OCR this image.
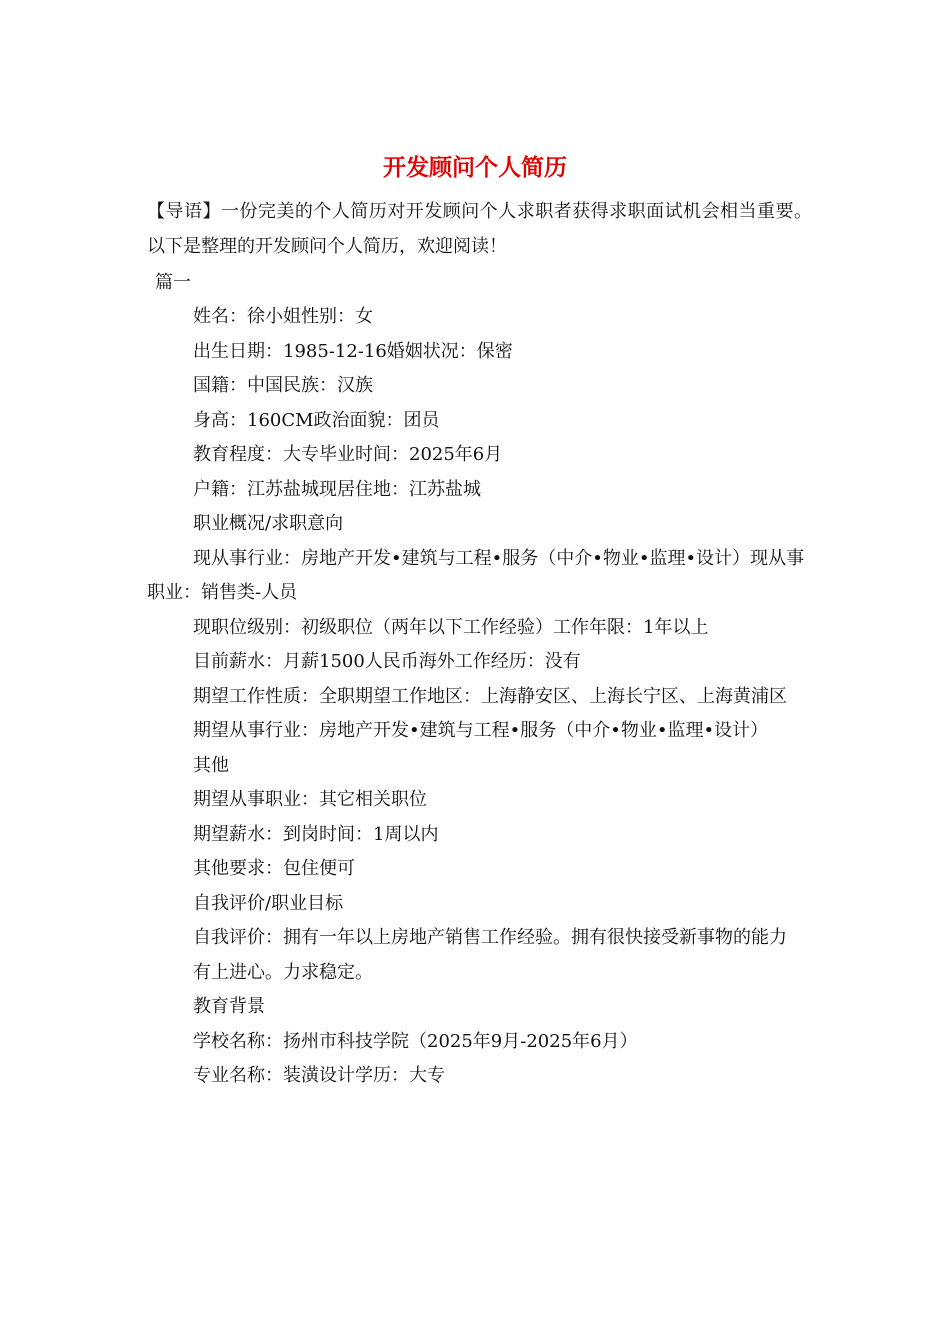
开发顾问个人简历

【导语】一份完美的个人简历对开发顾问个人求职者获得求职面试机会相当重要。以下是整理的开发顾问个人简历，欢迎阅读！

篇一

姓名：徐小姐性别：女

出生日期：1985-12-16婚姻状况：保密

国籍：中国民族：汉族

身高：160CM政治面貌：团员

教育程度：大专毕业时间：2025年6月

户籍：江苏盐城现居住地：江苏盐城

职业概况/求职意向

现从事行业：房地产开发•建筑与工程•服务（中介•物业•监理•设计）现从事职业：销售类-人员

现职位级别：初级职位（两年以下工作经验）工作年限：1年以上

目前薪水：月薪1500人民币海外工作经历：没有

期望工作性质：全职期望工作地区：上海静安区、上海长宁区、上海黄浦区

期望从事行业：房地产开发•建筑与工程•服务（中介•物业•监理•设计）

其他

期望从事职业：其它相关职位

期望薪水：到岗时间：1周以内

其他要求：包住便可

自我评价/职业目标

自我评价：拥有一年以上房地产销售工作经验。拥有很快接受新事物的能力

有上进心。力求稳定。

教育背景

学校名称：扬州市科技学院（2025年9月-2025年6月）

专业名称：装潢设计学历：大专
